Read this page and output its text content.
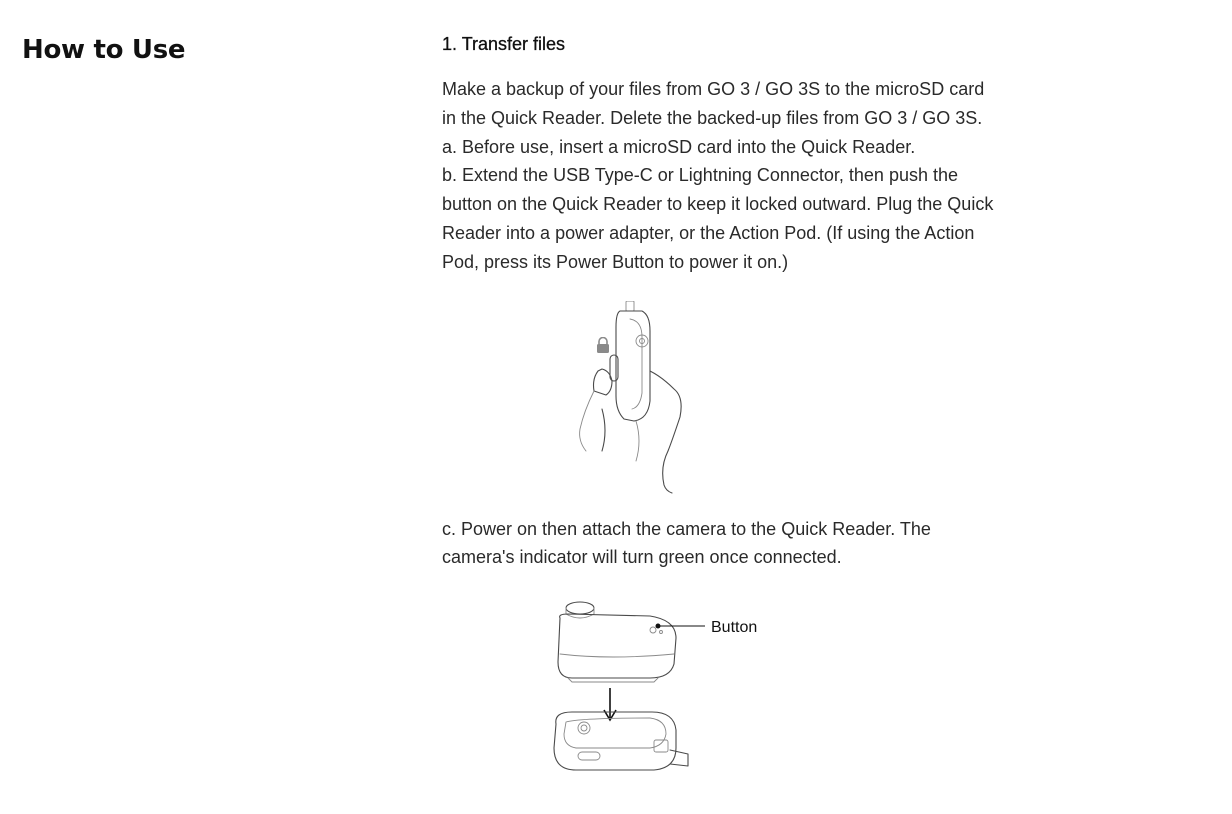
How to Use	1. Transfer files

Make a backup of your files from GO 3 / GO 3S to the microSD card in the Quick Reader. Delete the backed-up files from GO 3 / GO 3S.

a. Before use, insert a microSD card into the Quick Reader.

b. Extend the USB Type-C or Lightning Connector, then push the button on the Quick Reader to keep it locked outward. Plug the Quick Reader into a power adapter, or the Action Pod. (If using the Action Pod, press its Power Button to power it on.)

c. Power on then attach the camera to the Quick Reader. The camera's indicator will turn green once connected.

Button
